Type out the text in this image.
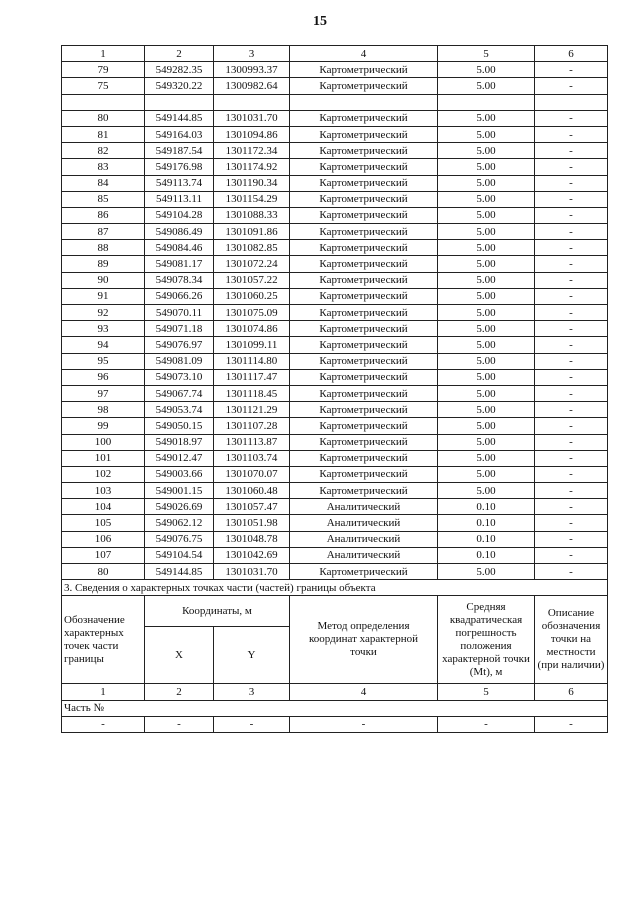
15
1	2	3	4	5	6
79	549282.35	1300993.37	Картометрический	5.00	-
75	549320.22	1300982.64	Картометрический	5.00	-

80	549144.85	1301031.70	Картометрический	5.00	-
81	549164.03	1301094.86	Картометрический	5.00	-
82	549187.54	1301172.34	Картометрический	5.00	-
83	549176.98	1301174.92	Картометрический	5.00	-
84	549113.74	1301190.34	Картометрический	5.00	-
85	549113.11	1301154.29	Картометрический	5.00	-
86	549104.28	1301088.33	Картометрический	5.00	-
87	549086.49	1301091.86	Картометрический	5.00	-
88	549084.46	1301082.85	Картометрический	5.00	-
89	549081.17	1301072.24	Картометрический	5.00	-
90	549078.34	1301057.22	Картометрический	5.00	-
91	549066.26	1301060.25	Картометрический	5.00	-
92	549070.11	1301075.09	Картометрический	5.00	-
93	549071.18	1301074.86	Картометрический	5.00	-
94	549076.97	1301099.11	Картометрический	5.00	-
95	549081.09	1301114.80	Картометрический	5.00	-
96	549073.10	1301117.47	Картометрический	5.00	-
97	549067.74	1301118.45	Картометрический	5.00	-
98	549053.74	1301121.29	Картометрический	5.00	-
99	549050.15	1301107.28	Картометрический	5.00	-
100	549018.97	1301113.87	Картометрический	5.00	-
101	549012.47	1301103.74	Картометрический	5.00	-
102	549003.66	1301070.07	Картометрический	5.00	-
103	549001.15	1301060.48	Картометрический	5.00	-
104	549026.69	1301057.47	Аналитический	0.10	-
105	549062.12	1301051.98	Аналитический	0.10	-
106	549076.75	1301048.78	Аналитический	0.10	-
107	549104.54	1301042.69	Аналитический	0.10	-
80	549144.85	1301031.70	Картометрический	5.00	-
3. Сведения о характерных точках части (частей) границы объекта					
Обозначение характерных точек части границы	Координаты, м		Метод определения координат характерной точки	Средняя квадратическая погрешность положения характерной точки (Mt), м	Описание обозначения точки на местности (при наличии)
	X	Y			
1	2	3	4	5	6
Часть №					
-	-	-	-	-	-
